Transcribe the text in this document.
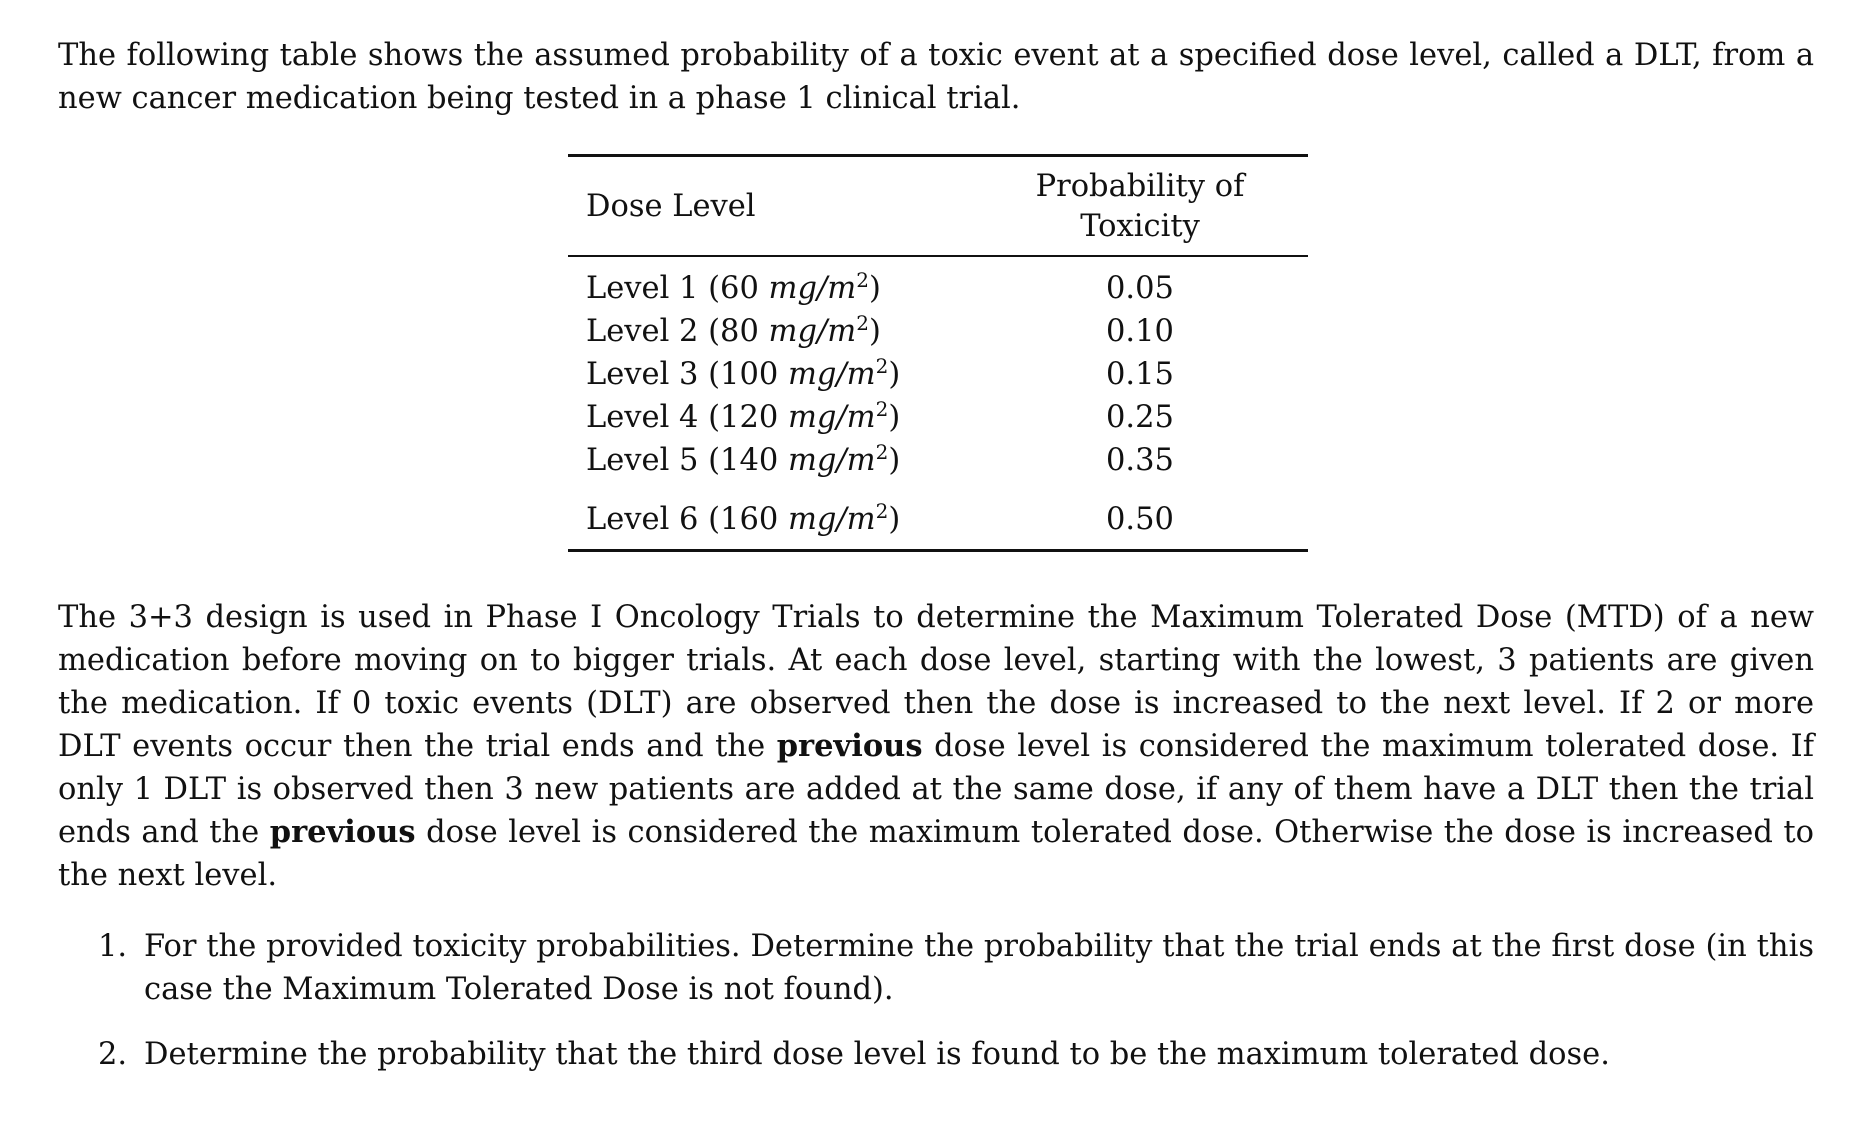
The following table shows the assumed probability of a toxic event at a specified dose level, called a DLT, from a new cancer medication being tested in a phase 1 clinical trial.

Dose Level	Probability of Toxicity
Level 1 (60 $mg/m^2$)	0.05
Level 2 (80 $mg/m^2$)	0.10
Level 3 (100 $mg/m^2$)	0.15
Level 4 (120 $mg/m^2$)	0.25
Level 5 (140 $mg/m^2$)	0.35
Level 6 (160 $mg/m^2$)	0.50

The 3+3 design is used in Phase I Oncology Trials to determine the Maximum Tolerated Dose (MTD) of a new medication before moving on to bigger trials. At each dose level, starting with the lowest, 3 patients are given the medication. If 0 toxic events (DLT) are observed then the dose is increased to the next level. If 2 or more DLT events occur then the trial ends and the previous dose level is considered the maximum tolerated dose. If only 1 DLT is observed then 3 new patients are added at the same dose, if any of them have a DLT then the trial ends and the previous dose level is considered the maximum tolerated dose. Otherwise the dose is increased to the next level.

1. For the provided toxicity probabilities. Determine the probability that the trial ends at the first dose (in this case the Maximum Tolerated Dose is not found).
2. Determine the probability that the third dose level is found to be the maximum tolerated dose.
